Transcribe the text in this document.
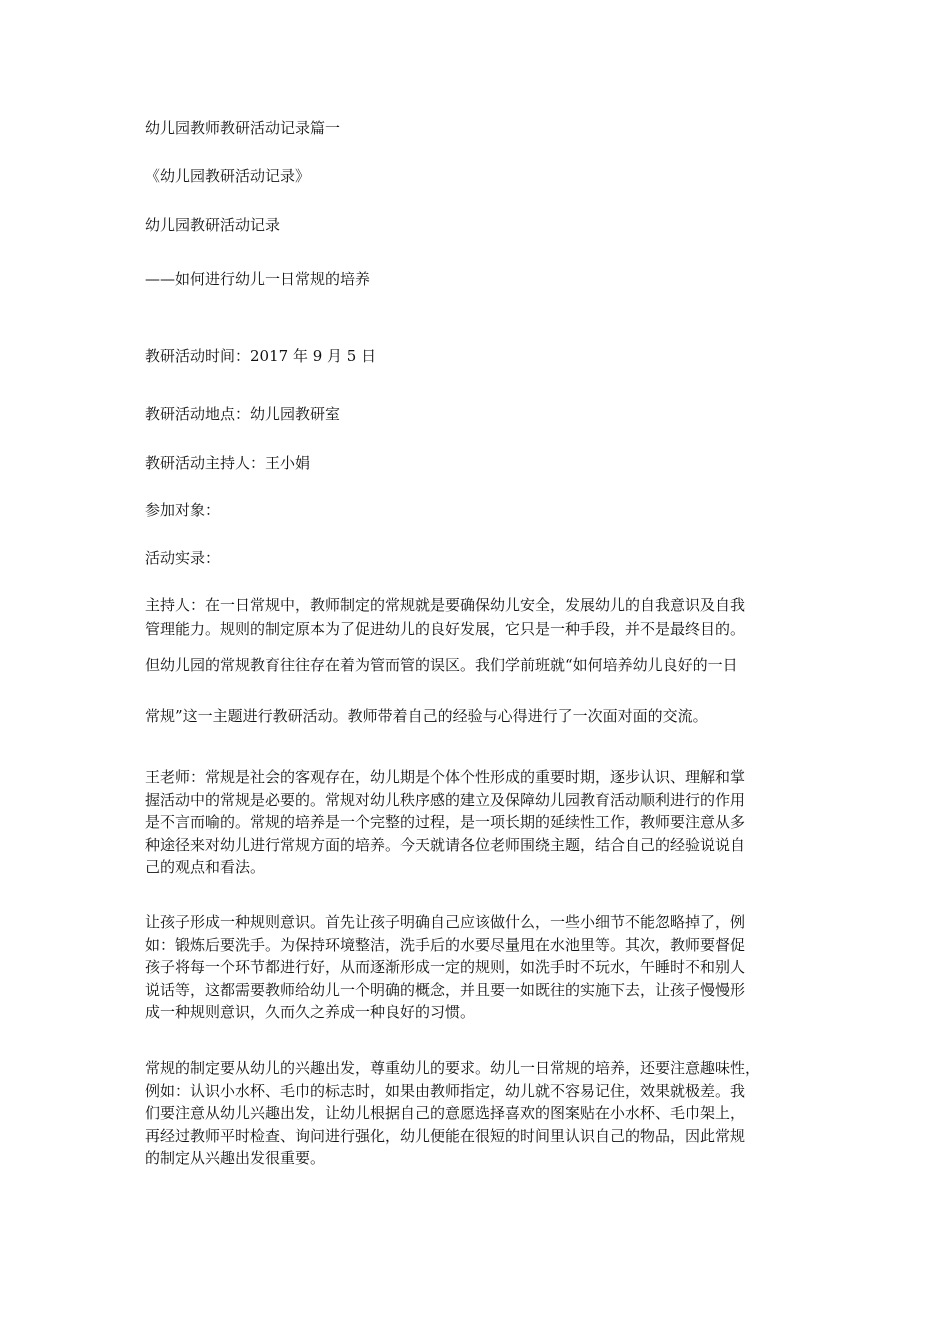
幼儿园教师教研活动记录篇一

《幼儿园教研活动记录》

幼儿园教研活动记录

——如何进行幼儿一日常规的培养

教研活动时间：2017 年 9 月 5 日

教研活动地点：幼儿园教研室

教研活动主持人：王小娟

参加对象：

活动实录：

主持人：在一日常规中，教师制定的常规就是要确保幼儿安全，发展幼儿的自我意识及自我

管理能力。规则的制定原本为了促进幼儿的良好发展，它只是一种手段，并不是最终目的。

但幼儿园的常规教育往往存在着为管而管的误区。我们学前班就“如何培养幼儿良好的一日

常规”这一主题进行教研活动。教师带着自己的经验与心得进行了一次面对面的交流。

王老师：常规是社会的客观存在，幼儿期是个体个性形成的重要时期，逐步认识、理解和掌
握活动中的常规是必要的。常规对幼儿秩序感的建立及保障幼儿园教育活动顺利进行的作用
是不言而喻的。常规的培养是一个完整的过程，是一项长期的延续性工作，教师要注意从多
种途径来对幼儿进行常规方面的培养。今天就请各位老师围绕主题，结合自己的经验说说自
己的观点和看法。
让孩子形成一种规则意识。首先让孩子明确自己应该做什么，一些小细节不能忽略掉了，例
如：锻炼后要洗手。为保持环境整洁，洗手后的水要尽量甩在水池里等。其次，教师要督促
孩子将每一个环节都进行好，从而逐渐形成一定的规则，如洗手时不玩水，午睡时不和别人
说话等，这都需要教师给幼儿一个明确的概念，并且要一如既往的实施下去，让孩子慢慢形
成一种规则意识，久而久之养成一种良好的习惯。
常规的制定要从幼儿的兴趣出发，尊重幼儿的要求。幼儿一日常规的培养，还要注意趣味性，
例如：认识小水杯、毛巾的标志时，如果由教师指定，幼儿就不容易记住，效果就极差。我
们要注意从幼儿兴趣出发，让幼儿根据自己的意愿选择喜欢的图案贴在小水杯、毛巾架上，
再经过教师平时检查、询问进行强化，幼儿便能在很短的时间里认识自己的物品，因此常规
的制定从兴趣出发很重要。
